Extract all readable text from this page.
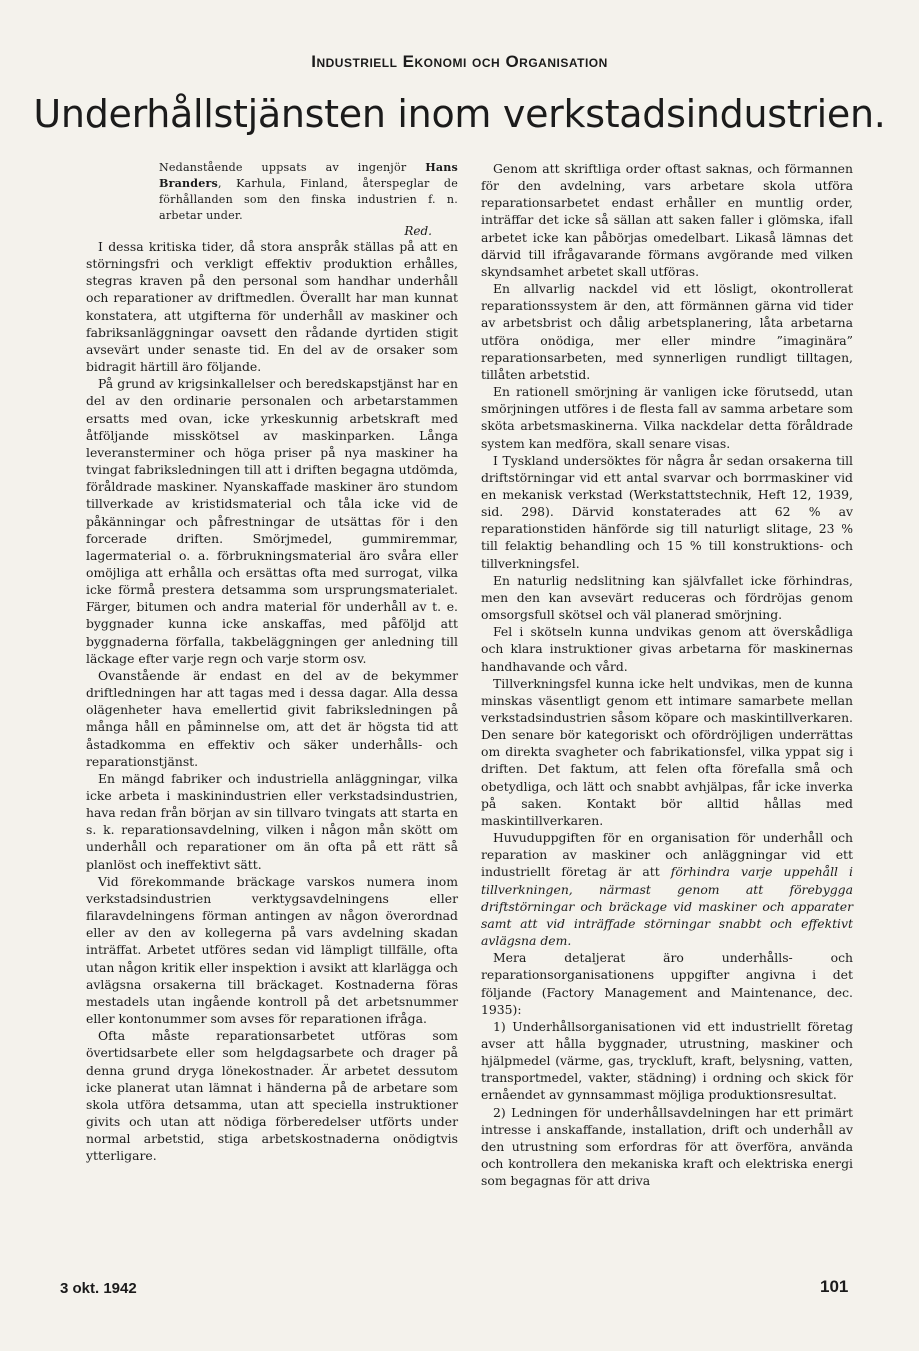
Industriell Ekonomi och Organisation
Underhållstjänsten inom verkstadsindustrien.
Nedanstående uppsats av ingenjör Hans Branders, Karhula, Finland, återspeglar de förhållanden som den finska industrien f. n. arbetar under.
Red.

I dessa kritiska tider, då stora anspråk ställas på att en störningsfri och verkligt effektiv produktion erhålles, stegras kraven på den personal som handhar underhåll och reparationer av driftmedlen. Överallt har man kunnat konstatera, att utgifterna för underhåll av maskiner och fabriksanläggningar oavsett den rådande dyrtiden stigit avsevärt under senaste tid. En del av de orsaker som bidragit härtill äro följande.

På grund av krigsinkallelser och beredskapstjänst har en del av den ordinarie personalen och arbetarstammen ersatts med ovan, icke yrkeskunnig arbetskraft med åtföljande misskötsel av maskinparken. Långa leveransterminer och höga priser på nya maskiner ha tvingat fabriksledningen till att i driften begagna utdömda, föråldrade maskiner. Nyanskaffade maskiner äro stundom tillverkade av kristidsmaterial och tåla icke vid de påkänningar och påfrestningar de utsättas för i den forcerade driften. Smörjmedel, gummiremmar, lagermaterial o. a. förbrukningsmaterial äro svåra eller omöjliga att erhålla och ersättas ofta med surrogat, vilka icke förmå prestera detsamma som ursprungsmaterialet. Färger, bitumen och andra material för underhåll av t. e. byggnader kunna icke anskaffas, med påföljd att byggnaderna förfalla, takbeläggningen ger anledning till läckage efter varje regn och varje storm osv.

Ovanstående är endast en del av de bekymmer driftledningen har att tagas med i dessa dagar. Alla dessa olägenheter hava emellertid givit fabriksledningen på många håll en påminnelse om, att det är högsta tid att åstadkomma en effektiv och säker underhålls- och reparationstjänst.

En mängd fabriker och industriella anläggningar, vilka icke arbeta i maskinindustrien eller verkstadsindustrien, hava redan från början av sin tillvaro tvingats att starta en s. k. reparationsavdelning, vilken i någon mån skött om underhåll och reparationer om än ofta på ett rätt så planlöst och ineffektivt sätt.

Vid förekommande bräckage varskos numera inom verkstadsindustrien verktygsavdelningens eller filaravdelningens förman antingen av någon överordnad eller av den av kollegerna på vars avdelning skadan inträffat. Arbetet utföres sedan vid lämpligt tillfälle, ofta utan någon kritik eller inspektion i avsikt att klarlägga och avlägsna orsakerna till bräckaget. Kostnaderna föras mestadels utan ingående kontroll på det arbetsnummer eller kontonummer som avses för reparationen ifråga.

Ofta måste reparationsarbetet utföras som övertidsarbete eller som helgdagsarbete och drager på denna grund dryga lönekostnader. Är arbetet dessutom icke planerat utan lämnat i händerna på de arbetare som skola utföra detsamma, utan att speciella instruktioner givits och utan att nödiga förberedelser utförts under normal arbetstid, stiga arbetskostnaderna onödigtvis ytterligare.

Genom att skriftliga order oftast saknas, och förmannen för den avdelning, vars arbetare skola utföra reparationsarbetet endast erhåller en muntlig order, inträffar det icke så sällan att saken faller i glömska, ifall arbetet icke kan påbörjas omedelbart. Likaså lämnas det därvid till ifrågavarande förmans avgörande med vilken skyndsamhet arbetet skall utföras.

En allvarlig nackdel vid ett lösligt, okontrollerat reparationssystem är den, att förmännen gärna vid tider av arbetsbrist och dålig arbetsplanering, låta arbetarna utföra onödiga, mer eller mindre ”imaginära” reparationsarbeten, med synnerligen rundligt tilltagen, tillåten arbetstid.

En rationell smörjning är vanligen icke förutsedd, utan smörjningen utföres i de flesta fall av samma arbetare som sköta arbetsmaskinerna. Vilka nackdelar detta föråldrade system kan medföra, skall senare visas.

I Tyskland undersöktes för några år sedan orsakerna till driftstörningar vid ett antal svarvar och borrmaskiner vid en mekanisk verkstad (Werkstattstechnik, Heft 12, 1939, sid. 298). Därvid konstaterades att 62 % av reparationstiden hänförde sig till naturligt slitage, 23 % till felaktig behandling och 15 % till konstruktions- och tillverkningsfel.

En naturlig nedslitning kan självfallet icke förhindras, men den kan avsevärt reduceras och fördröjas genom omsorgsfull skötsel och väl planerad smörjning.

Fel i skötseln kunna undvikas genom att överskådliga och klara instruktioner givas arbetarna för maskinernas handhavande och vård.

Tillverkningsfel kunna icke helt undvikas, men de kunna minskas väsentligt genom ett intimare samarbete mellan verkstadsindustrien såsom köpare och maskintillverkaren. Den senare bör kategoriskt och ofördröjligen underrättas om direkta svagheter och fabrikationsfel, vilka yppat sig i driften. Det faktum, att felen ofta förefalla små och obetydliga, och lätt och snabbt avhjälpas, får icke inverka på saken. Kontakt bör alltid hållas med maskintillverkaren.

Huvuduppgiften för en organisation för underhåll och reparation av maskiner och anläggningar vid ett industriellt företag är att förhindra varje uppehåll i tillverkningen, närmast genom att förebygga driftstörningar och bräckage vid maskiner och apparater samt att vid inträffade störningar snabbt och effektivt avlägsna dem.

Mera detaljerat äro underhålls- och reparationsorganisationens uppgifter angivna i det följande (Factory Management and Maintenance, dec. 1935):

1) Underhållsorganisationen vid ett industriellt företag avser att hålla byggnader, utrustning, maskiner och hjälpmedel (värme, gas, tryckluft, kraft, belysning, vatten, transportmedel, vakter, städning) i ordning och skick för ernåendet av gynnsammast möjliga produktionsresultat.

2) Ledningen för underhållsavdelningen har ett primärt intresse i anskaffande, installation, drift och underhåll av den utrustning som erfordras för att överföra, använda och kontrollera den mekaniska kraft och elektriska energi som begagnas för att driva

3 okt. 1942	101
